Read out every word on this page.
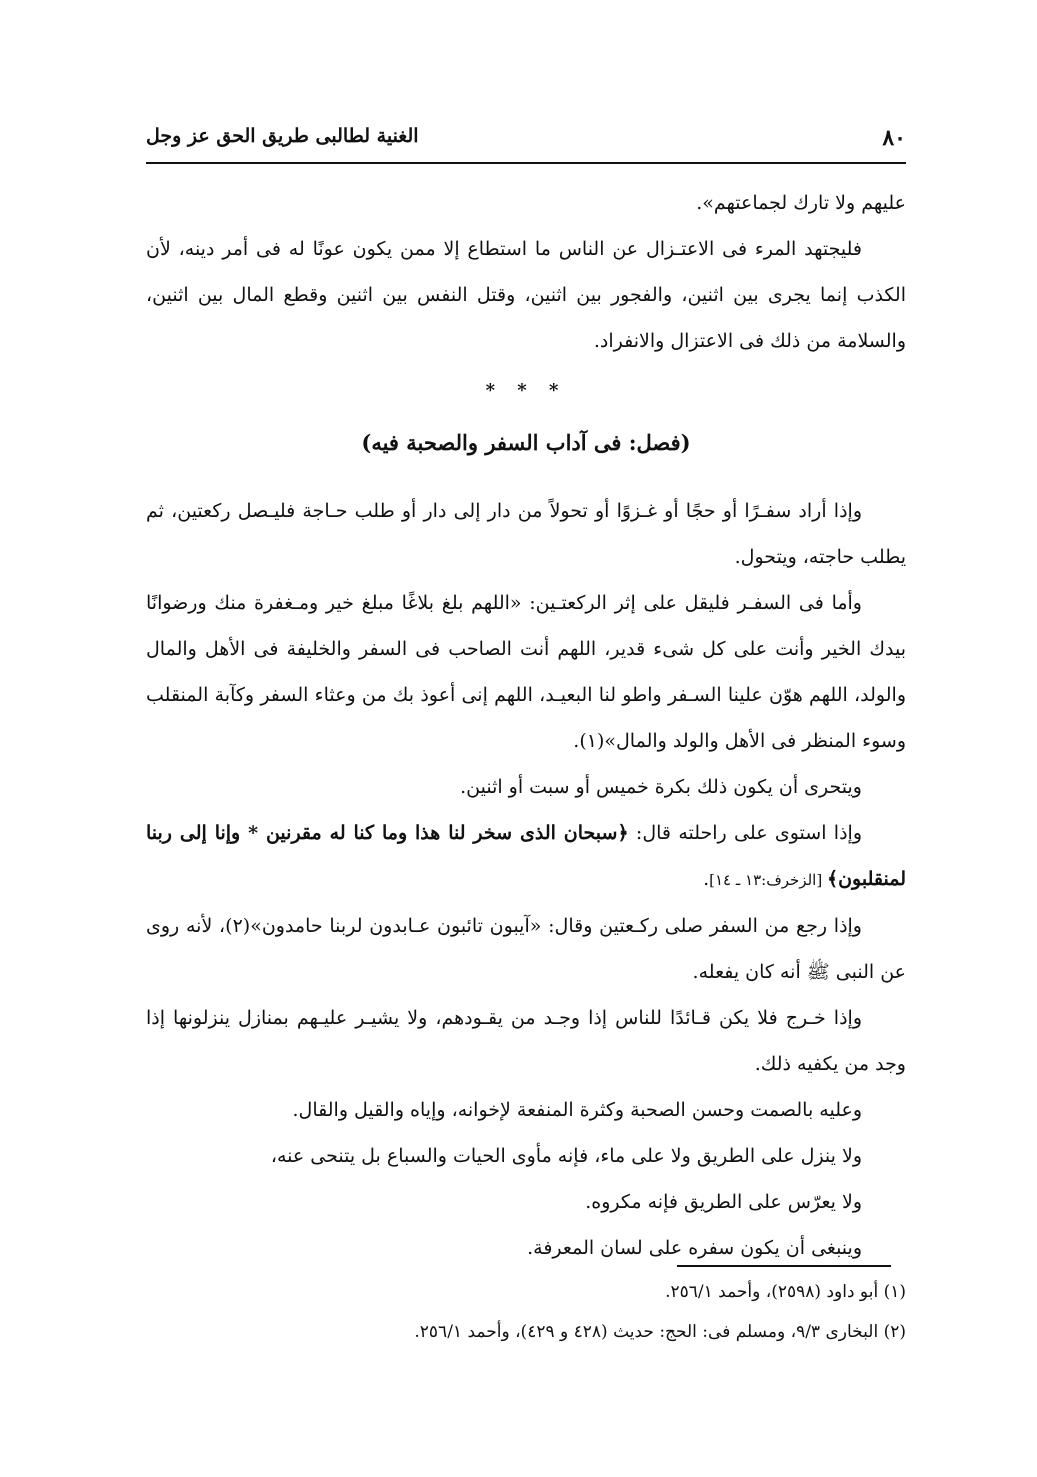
٨٠
الغنية لطالبى طريق الحق عز وجل

عليهم ولا تارك لجماعتهم».

فليجتهد المرء فى الاعتـزال عن الناس ما استطاع إلا ممن يكون عونًا له فى أمر دينه، لأن الكذب إنما يجرى بين اثنين، والفجور بين اثنين، وقتل النفس بين اثنين وقطع المال بين اثنين، والسلامة من ذلك فى الاعتزال والانفراد.

* * *
(فصل: فى آداب السفر والصحبة فيه)

وإذا أراد سفـرًا أو حجًا أو غـزوًا أو تحولاً من دار إلى دار أو طلب حـاجة فليـصل ركعتين، ثم يطلب حاجته، ويتحول.

وأما فى السفـر فليقل على إثر الركعتـين: «اللهم بلغ بلاغًا مبلغ خير ومـغفرة منك ورضوانًا بيدك الخير وأنت على كل شىء قدير، اللهم أنت الصاحب فى السفر والخليفة فى الأهل والمال والولد، اللهم هوّن علينا السـفر واطو لنا البعيـد، اللهم إنى أعوذ بك من وعثاء السفر وكآبة المنقلب وسوء المنظر فى الأهل والولد والمال»(١).

ويتحرى أن يكون ذلك بكرة خميس أو سبت أو اثنين.

وإذا استوى على راحلته قال: ﴿سبحان الذى سخر لنا هذا وما كنا له مقرنين * وإنا إلى ربنا لمنقلبون﴾ [الزخرف:١٣ ـ ١٤].

وإذا رجع من السفر صلى ركـعتين وقال: «آيبون تائبون عـابدون لربنا حامدون»(٢)، لأنه روى عن النبى ﷺ أنه كان يفعله.

وإذا خـرج فلا يكن قـائدًا للناس إذا وجـد من يقـودهم، ولا يشيـر عليـهم بمنازل ينزلونها إذا وجد من يكفيه ذلك.

وعليه بالصمت وحسن الصحبة وكثرة المنفعة لإخوانه، وإياه والقيل والقال.

ولا ينزل على الطريق ولا على ماء، فإنه مأوى الحيات والسباع بل يتنحى عنه،

ولا يعرّس على الطريق فإنه مكروه.

وينبغى أن يكون سفره على لسان المعرفة.

(١) أبو داود (٢٥٩٨)، وأحمد ٢٥٦/١.

(٢) البخارى ٩/٣، ومسلم فى: الحج: حديث (٤٢٨ و ٤٢٩)، وأحمد ٢٥٦/١.
